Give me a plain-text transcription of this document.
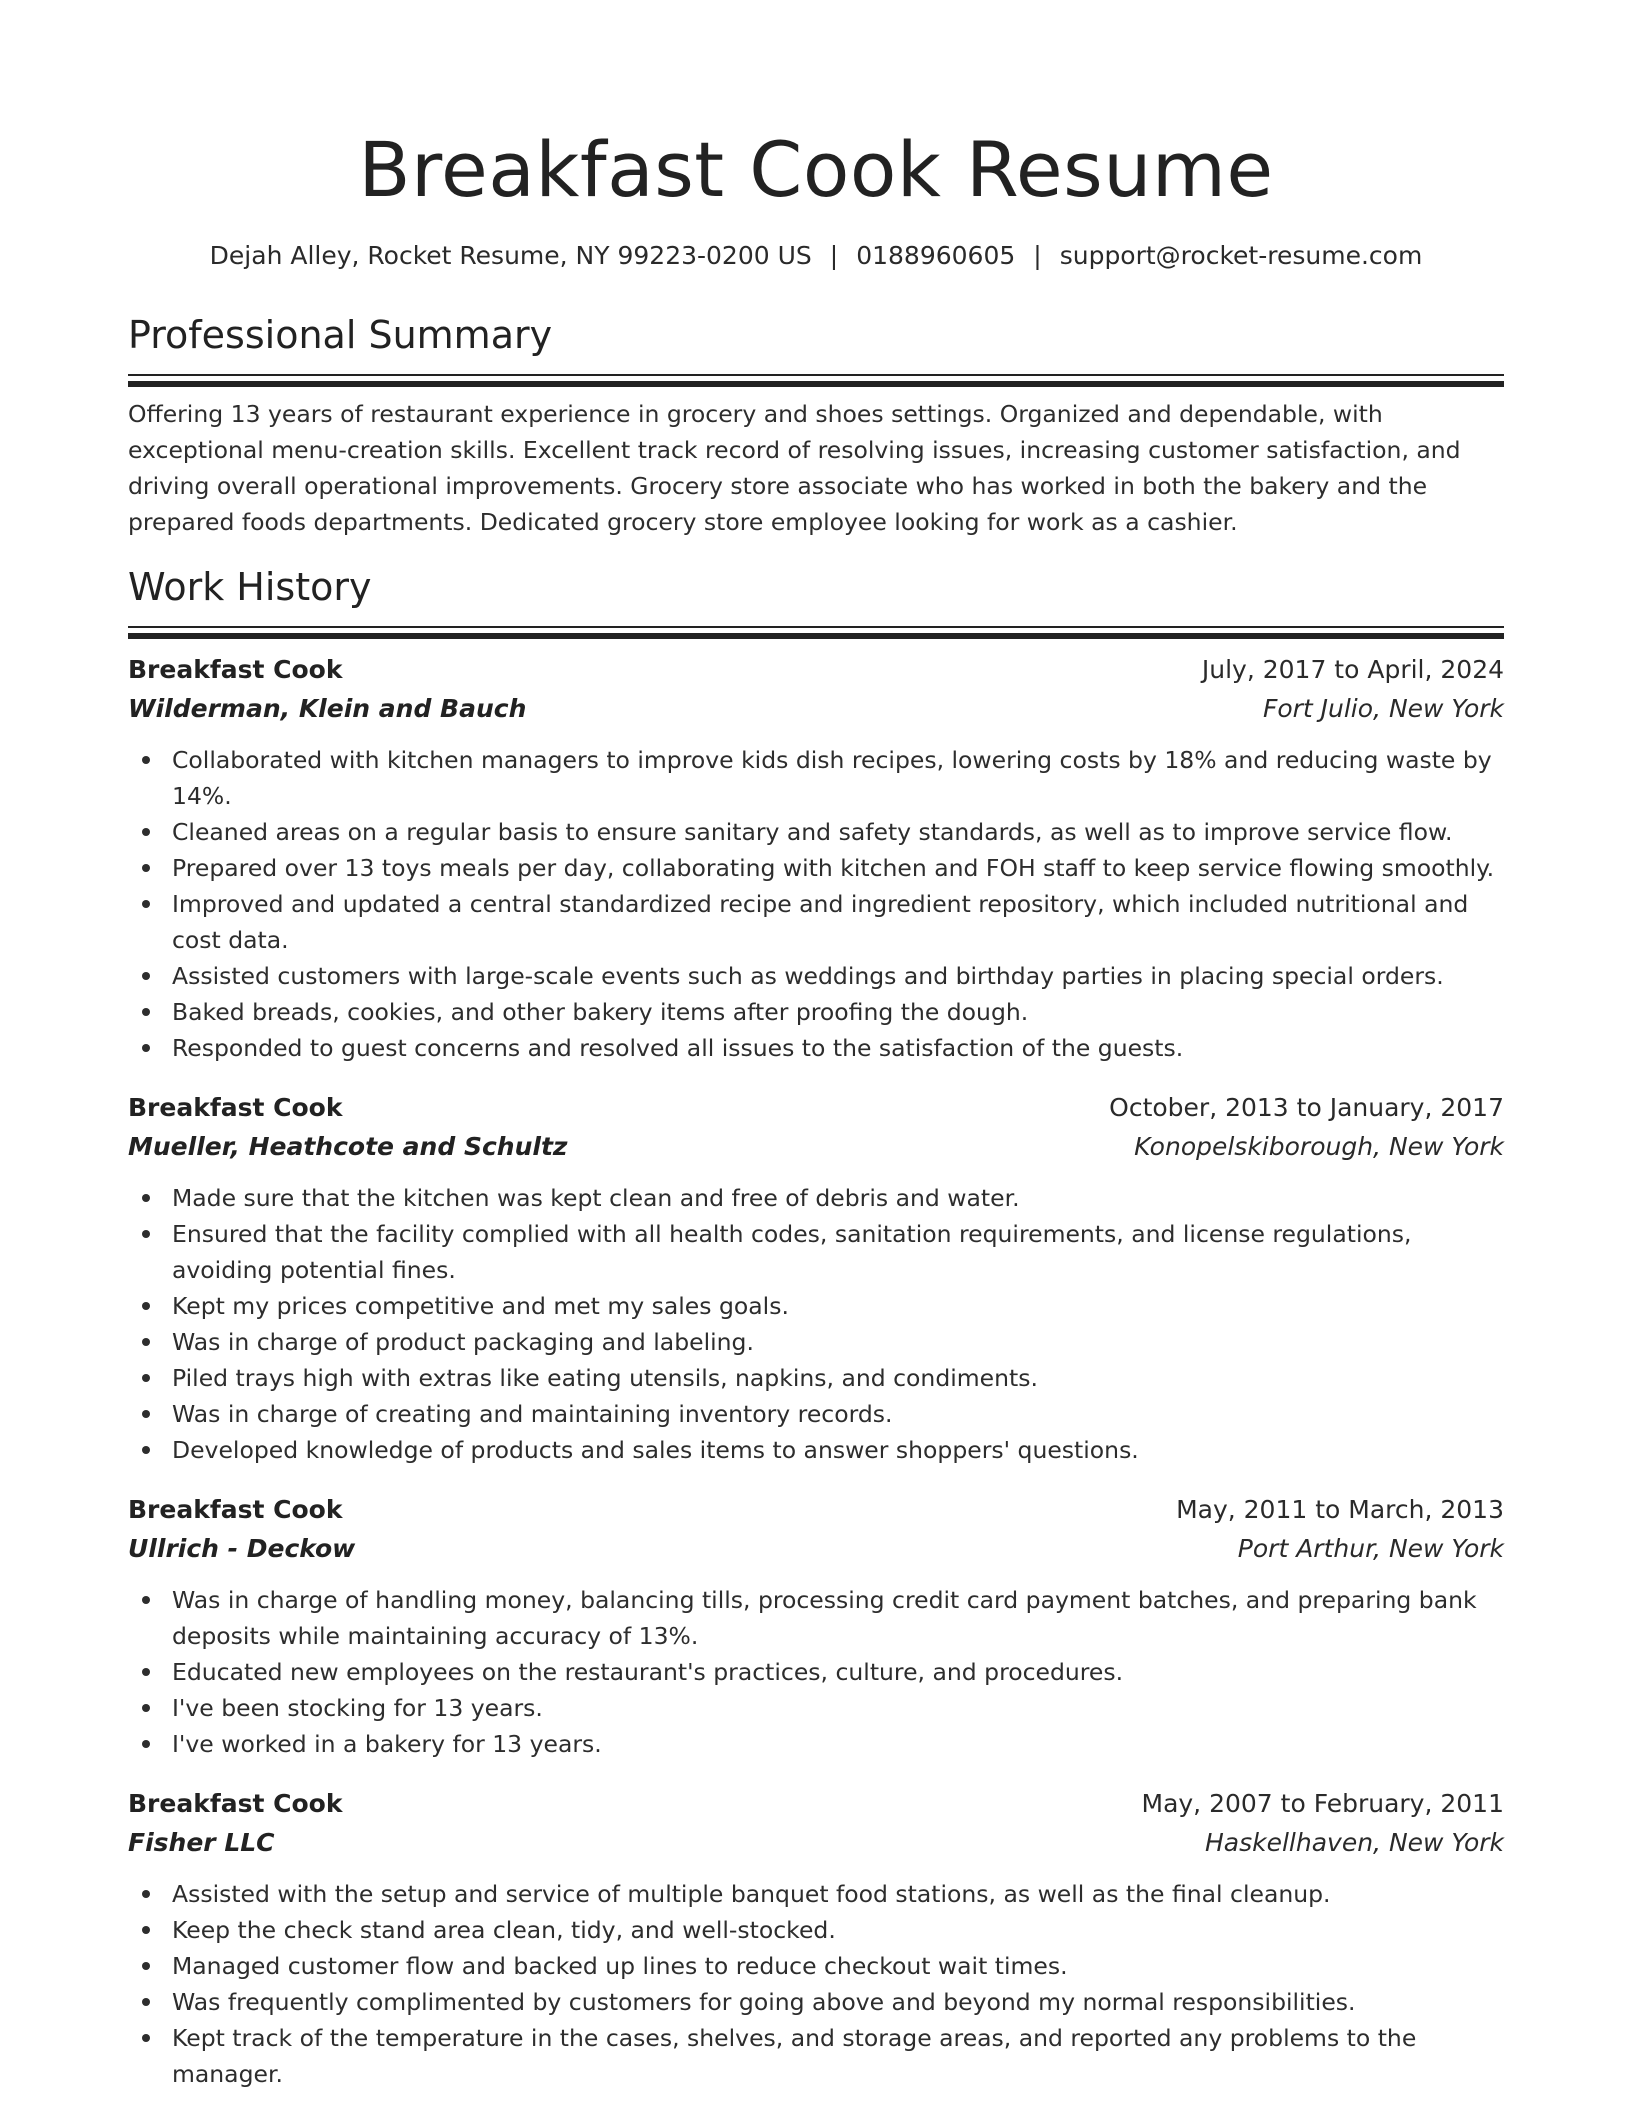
Breakfast Cook Resume
Dejah Alley, Rocket Resume, NY 99223-0200 US | 0188960605 | support@rocket-resume.com
Professional Summary

Offering 13 years of restaurant experience in grocery and shoes settings. Organized and dependable, with exceptional menu-creation skills. Excellent track record of resolving issues, increasing customer satisfaction, and driving overall operational improvements. Grocery store associate who has worked in both the bakery and the prepared foods departments. Dedicated grocery store employee looking for work as a cashier.

Work History
Breakfast Cook	July, 2017 to April, 2024
Wilderman, Klein and Bauch	Fort Julio, New York
Collaborated with kitchen managers to improve kids dish recipes, lowering costs by 18% and reducing waste by 14%.
Cleaned areas on a regular basis to ensure sanitary and safety standards, as well as to improve service flow.
Prepared over 13 toys meals per day, collaborating with kitchen and FOH staff to keep service flowing smoothly.
Improved and updated a central standardized recipe and ingredient repository, which included nutritional and cost data.
Assisted customers with large-scale events such as weddings and birthday parties in placing special orders.
Baked breads, cookies, and other bakery items after proofing the dough.
Responded to guest concerns and resolved all issues to the satisfaction of the guests.
Breakfast Cook	October, 2013 to January, 2017
Mueller, Heathcote and Schultz	Konopelskiborough, New York
Made sure that the kitchen was kept clean and free of debris and water.
Ensured that the facility complied with all health codes, sanitation requirements, and license regulations, avoiding potential fines.
Kept my prices competitive and met my sales goals.
Was in charge of product packaging and labeling.
Piled trays high with extras like eating utensils, napkins, and condiments.
Was in charge of creating and maintaining inventory records.
Developed knowledge of products and sales items to answer shoppers' questions.
Breakfast Cook	May, 2011 to March, 2013
Ullrich - Deckow	Port Arthur, New York
Was in charge of handling money, balancing tills, processing credit card payment batches, and preparing bank deposits while maintaining accuracy of 13%.
Educated new employees on the restaurant's practices, culture, and procedures.
I've been stocking for 13 years.
I've worked in a bakery for 13 years.
Breakfast Cook	May, 2007 to February, 2011
Fisher LLC	Haskellhaven, New York
Assisted with the setup and service of multiple banquet food stations, as well as the final cleanup.
Keep the check stand area clean, tidy, and well-stocked.
Managed customer flow and backed up lines to reduce checkout wait times.
Was frequently complimented by customers for going above and beyond my normal responsibilities.
Kept track of the temperature in the cases, shelves, and storage areas, and reported any problems to the manager.
